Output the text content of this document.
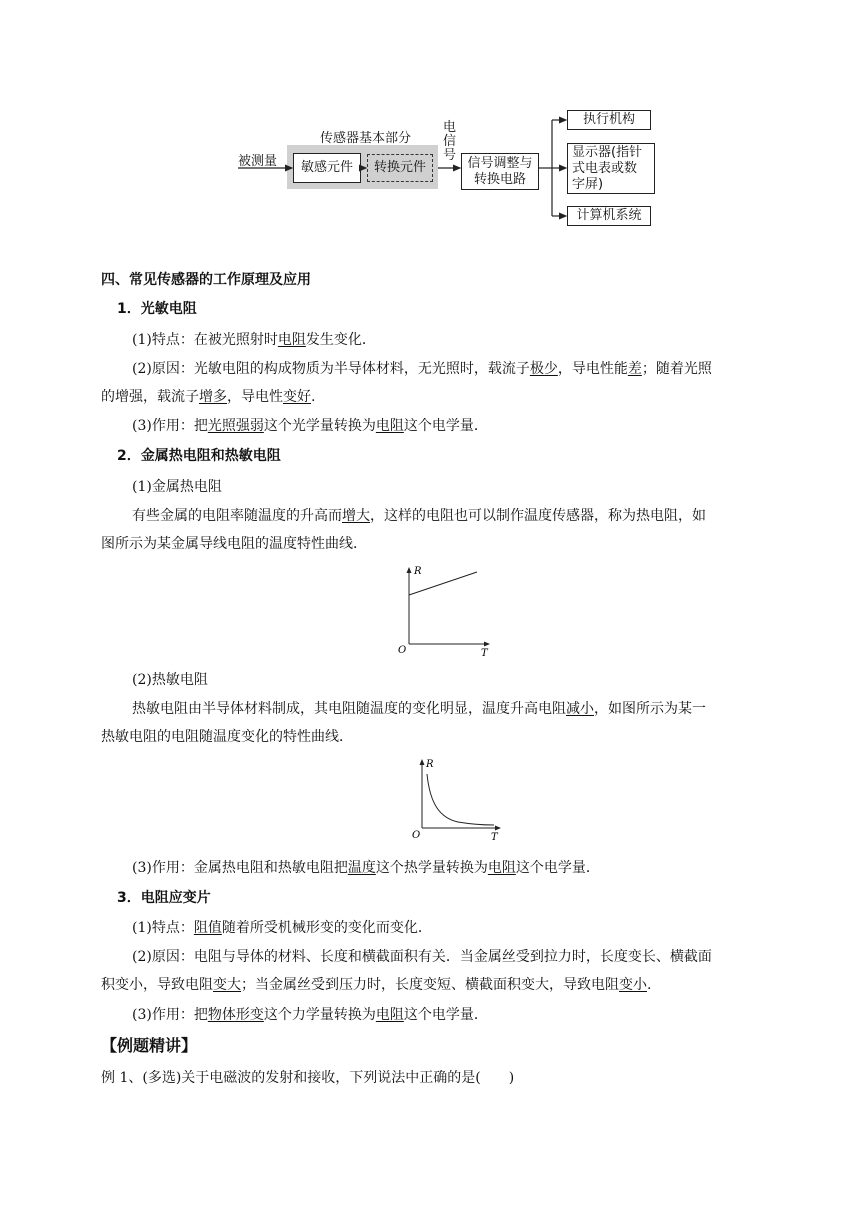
传感器基本部分
被测量	敏感元件	转换元件
电
信
号
信号调整与
转换电路
执行机构
显示器(指针
式电表或数
字屏)
计算机系统
四、常见传感器的工作原理及应用
1．光敏电阻
(1)特点：在被光照射时电阻发生变化．
(2)原因：光敏电阻的构成物质为半导体材料，无光照时，载流子极少，导电性能差；随着光照
的增强，载流子增多，导电性变好.
(3)作用：把光照强弱这个光学量转换为电阻这个电学量．
2．金属热电阻和热敏电阻
(1)金属热电阻
有些金属的电阻率随温度的升高而增大，这样的电阻也可以制作温度传感器，称为热电阻，如
图所示为某金属导线电阻的温度特性曲线．
R
T
O
(2)热敏电阻
热敏电阻由半导体材料制成，其电阻随温度的变化明显，温度升高电阻减小，如图所示为某一
热敏电阻的电阻随温度变化的特性曲线．
R
T
O
(3)作用：金属热电阻和热敏电阻把温度这个热学量转换为电阻这个电学量．
3．电阻应变片
(1)特点：阻值随着所受机械形变的变化而变化．
(2)原因：电阻与导体的材料、长度和横截面积有关．当金属丝受到拉力时，长度变长、横截面
积变小，导致电阻变大；当金属丝受到压力时，长度变短、横截面积变大，导致电阻变小.
(3)作用：把物体形变这个力学量转换为电阻这个电学量．
【例题精讲】
例 1、(多选)关于电磁波的发射和接收，下列说法中正确的是(　　)
